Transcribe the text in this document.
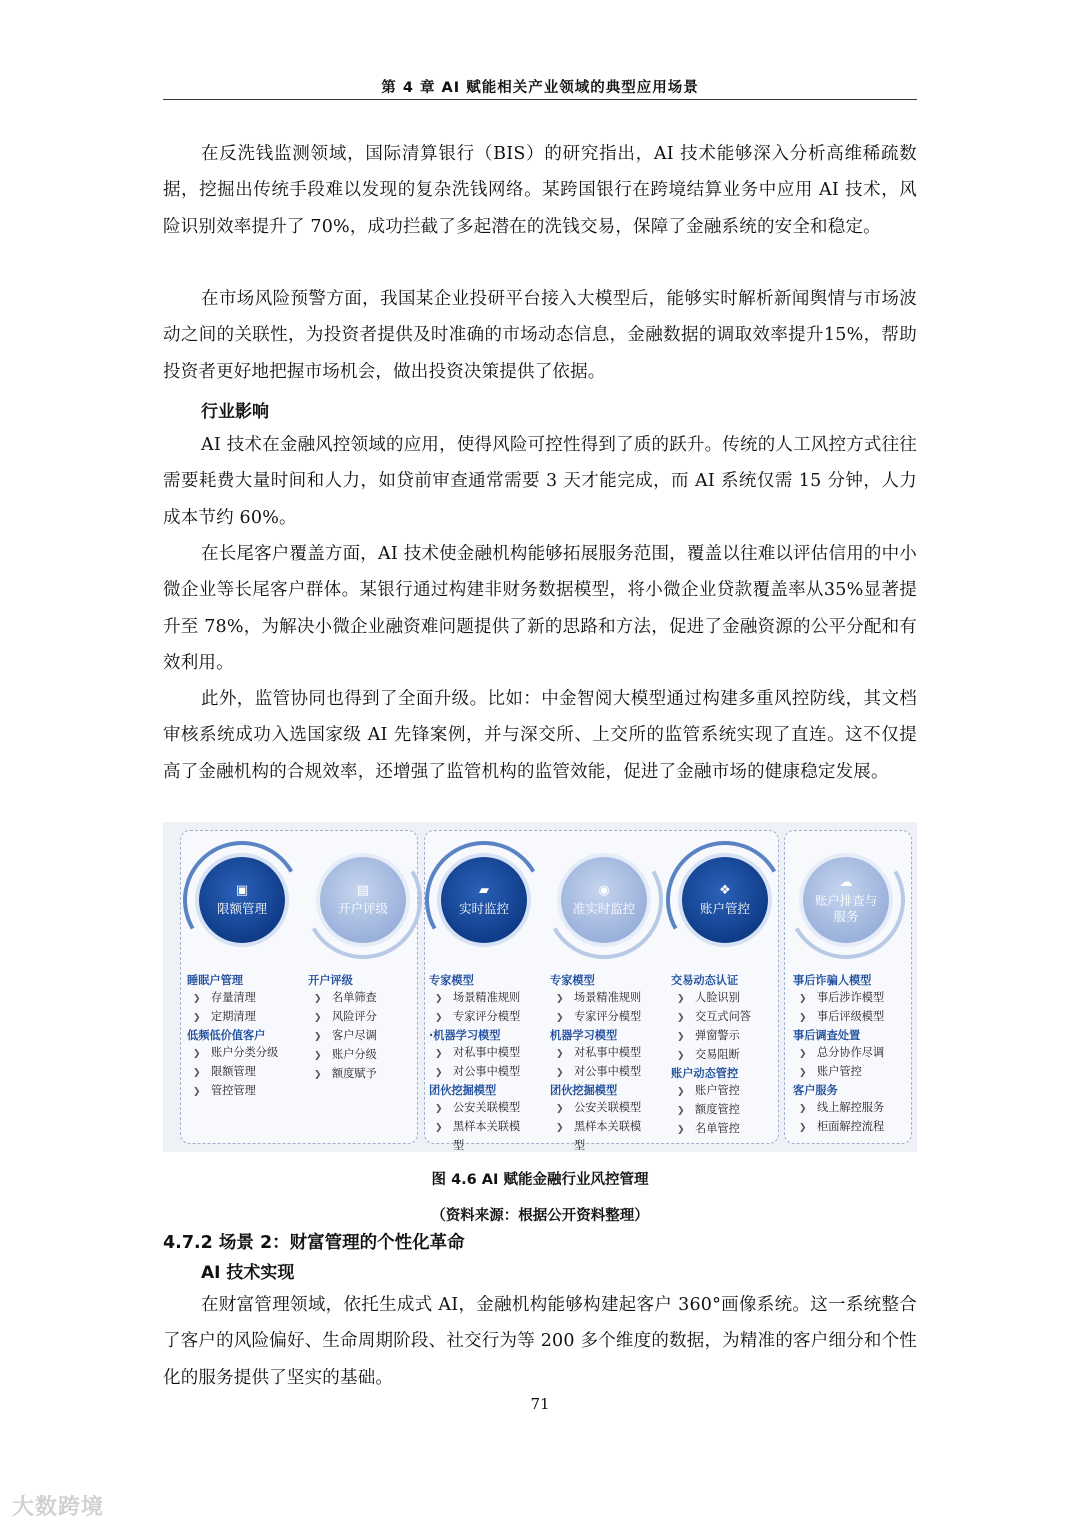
第 4 章 AI 赋能相关产业领域的典型应用场景

在反洗钱监测领域，国际清算银行（BIS）的研究指出，AI 技术能够深入分析高维稀疏数据，挖掘出传统手段难以发现的复杂洗钱网络。某跨国银行在跨境结算业务中应用 AI 技术，风险识别效率提升了 70%，成功拦截了多起潜在的洗钱交易，保障了金融系统的安全和稳定。

在市场风险预警方面，我国某企业投研平台接入大模型后，能够实时解析新闻舆情与市场波动之间的关联性，为投资者提供及时准确的市场动态信息，金融数据的调取效率提升15%，帮助投资者更好地把握市场机会，做出投资决策提供了依据。

行业影响

AI 技术在金融风控领域的应用，使得风险可控性得到了质的跃升。传统的人工风控方式往往需要耗费大量时间和人力，如贷前审查通常需要 3 天才能完成，而 AI 系统仅需 15 分钟，人力成本节约 60%。

在长尾客户覆盖方面，AI 技术使金融机构能够拓展服务范围，覆盖以往难以评估信用的中小微企业等长尾客户群体。某银行通过构建非财务数据模型，将小微企业贷款覆盖率从35%显著提升至 78%，为解决小微企业融资难问题提供了新的思路和方法，促进了金融资源的公平分配和有效利用。

此外，监管协同也得到了全面升级。比如：中金智阅大模型通过构建多重风控防线，其文档审核系统成功入选国家级 AI 先锋案例，并与深交所、上交所的监管系统实现了直连。这不仅提高了金融机构的合规效率，还增强了监管机构的监管效能，促进了金融市场的健康稳定发展。

▣
限额管理
▤
开户评级
▰
实时监控
◉
准实时监控
❖
账户管控
☁
账户排查与服务
睡眠户管理
❯ 存量清理
❯ 定期清理
低频低价值客户
❯ 账户分类分级
❯ 限额管理
❯ 管控管理
开户评级
❯ 名单筛查
❯ 风险评分
❯ 客户尽调
❯ 账户分级
❯ 额度赋予
专家模型
❯ 场景精准规则
❯ 专家评分模型
·机器学习模型
❯ 对私事中模型
❯ 对公事中模型
团伙挖掘模型
❯ 公安关联模型
❯ 黑样本关联模
型
专家模型
❯ 场景精准规则
❯ 专家评分模型
机器学习模型
❯ 对私事中模型
❯ 对公事中模型
团伙挖掘模型
❯ 公安关联模型
❯ 黑样本关联模
型
交易动态认证
❯ 人脸识别
❯ 交互式问答
❯ 弹窗警示
❯ 交易阻断
账户动态管控
❯ 账户管控
❯ 额度管控
❯ 名单管控
事后诈骗人模型
❯ 事后涉诈模型
❯ 事后评级模型
事后调查处置
❯ 总分协作尽调
❯ 账户管控
客户服务
❯ 线上解控服务
❯ 柜面解控流程
图 4.6 AI 赋能金融行业风控管理
（资料来源：根据公开资料整理）
4.7.2 场景 2：财富管理的个性化革命
AI 技术实现

在财富管理领域，依托生成式 AI，金融机构能够构建起客户 360°画像系统。这一系统整合了客户的风险偏好、生命周期阶段、社交行为等 200 多个维度的数据，为精准的客户细分和个性化的服务提供了坚实的基础。

71
大数跨境
